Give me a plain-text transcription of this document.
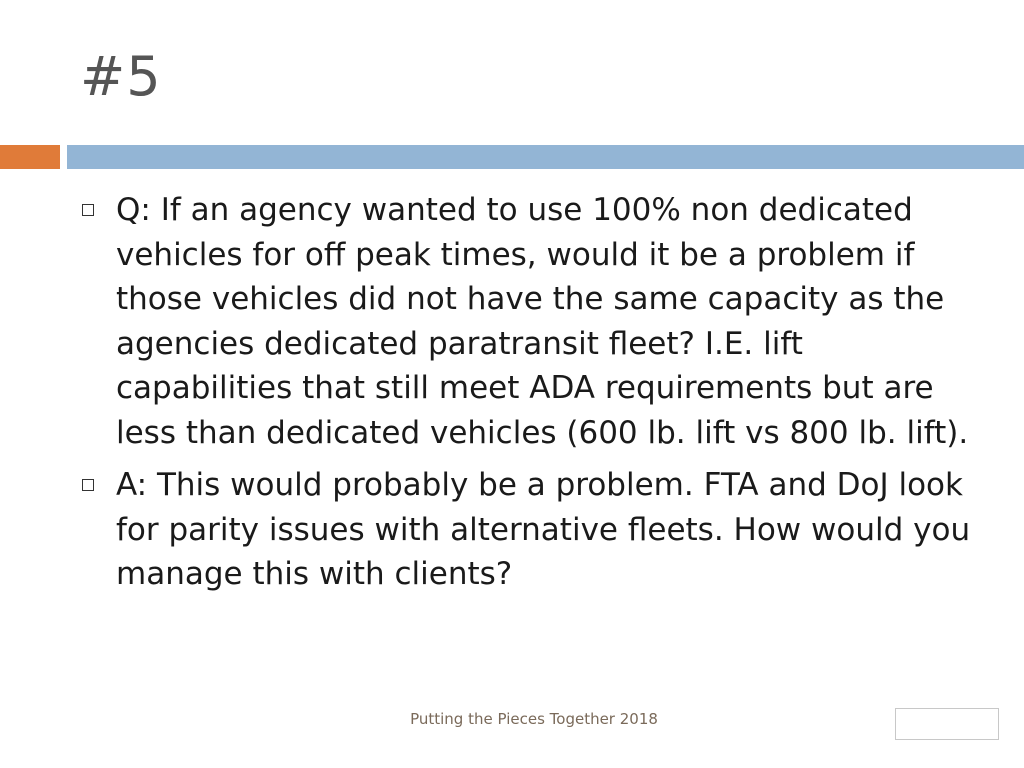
#5
Q: If an agency wanted to use 100% non dedicated vehicles for off peak times, would it be a problem if those vehicles did not have the same capacity as the agencies dedicated paratransit fleet? I.E. lift capabilities that still meet ADA requirements but are less than dedicated vehicles (600 lb. lift vs 800 lb. lift).
A: This would probably be a problem. FTA and DoJ look for parity issues with alternative fleets. How would you manage this with clients?
Putting the Pieces Together 2018
